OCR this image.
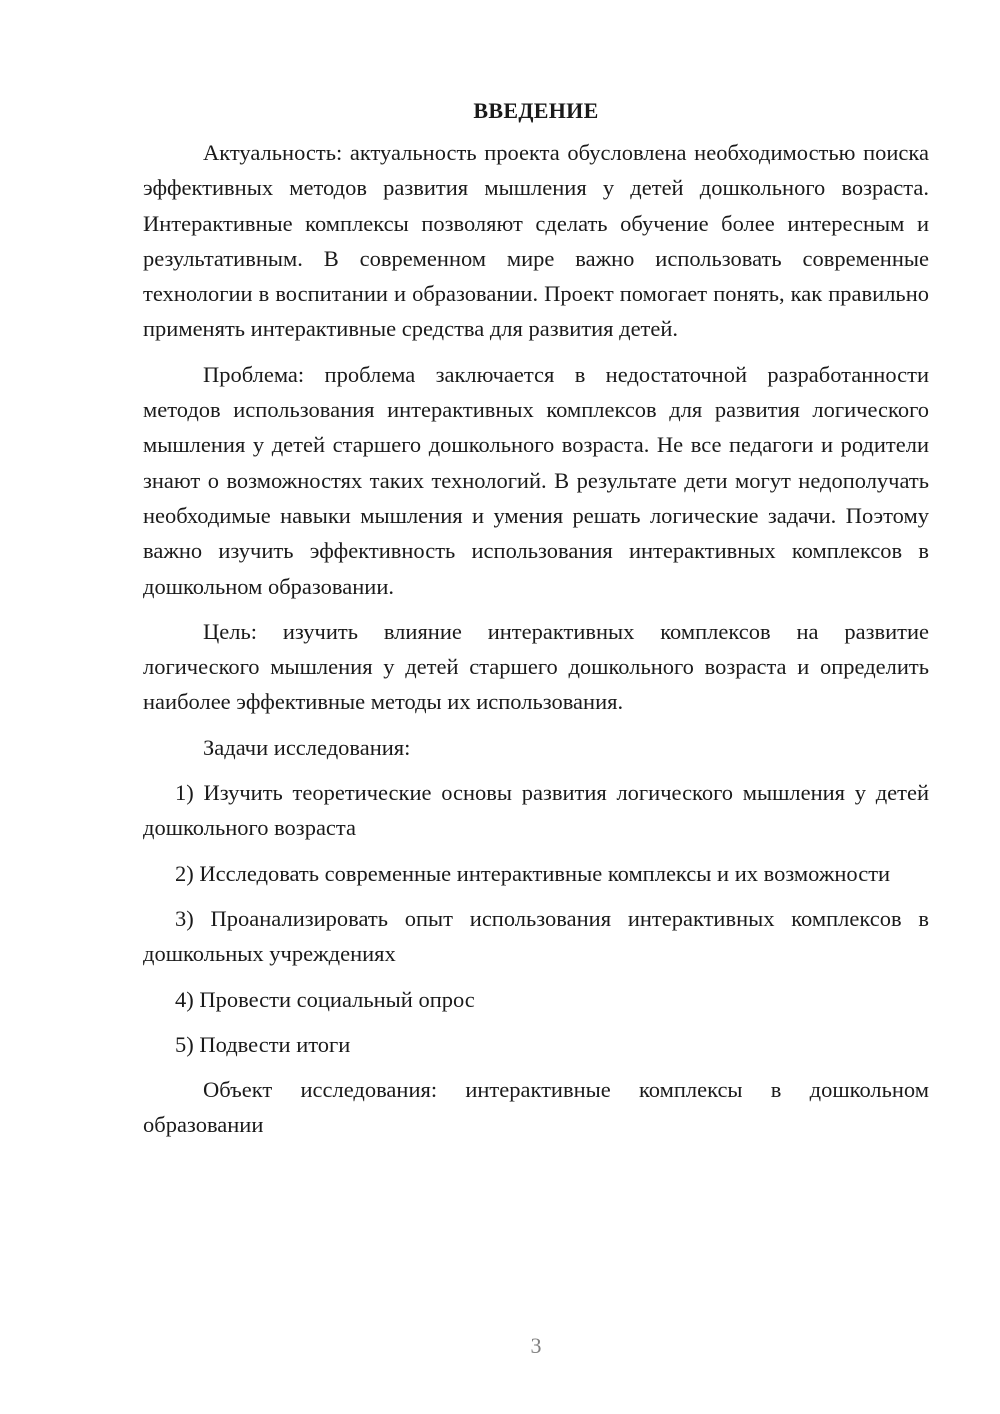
ВВЕДЕНИЕ

Актуальность: актуальность проекта обусловлена необходимостью поиска эффективных методов развития мышления у детей дошкольного возраста. Интерактивные комплексы позволяют сделать обучение более интересным и результативным. В современном мире важно использовать современные технологии в воспитании и образовании. Проект помогает понять, как правильно применять интерактивные средства для развития детей.

Проблема: проблема заключается в недостаточной разработанности методов использования интерактивных комплексов для развития логического мышления у детей старшего дошкольного возраста. Не все педагоги и родители знают о возможностях таких технологий. В результате дети могут недополучать необходимые навыки мышления и умения решать логические задачи. Поэтому важно изучить эффективность использования интерактивных комплексов в дошкольном образовании.

Цель: изучить влияние интерактивных комплексов на развитие логического мышления у детей старшего дошкольного возраста и определить наиболее эффективные методы их использования.

Задачи исследования:

1) Изучить теоретические основы развития логического мышления у детей дошкольного возраста

2) Исследовать современные интерактивные комплексы и их возможности

3) Проанализировать опыт использования интерактивных комплексов в дошкольных учреждениях

4) Провести социальный опрос

5) Подвести итоги

Объект исследования: интерактивные комплексы в дошкольном образовании

3
